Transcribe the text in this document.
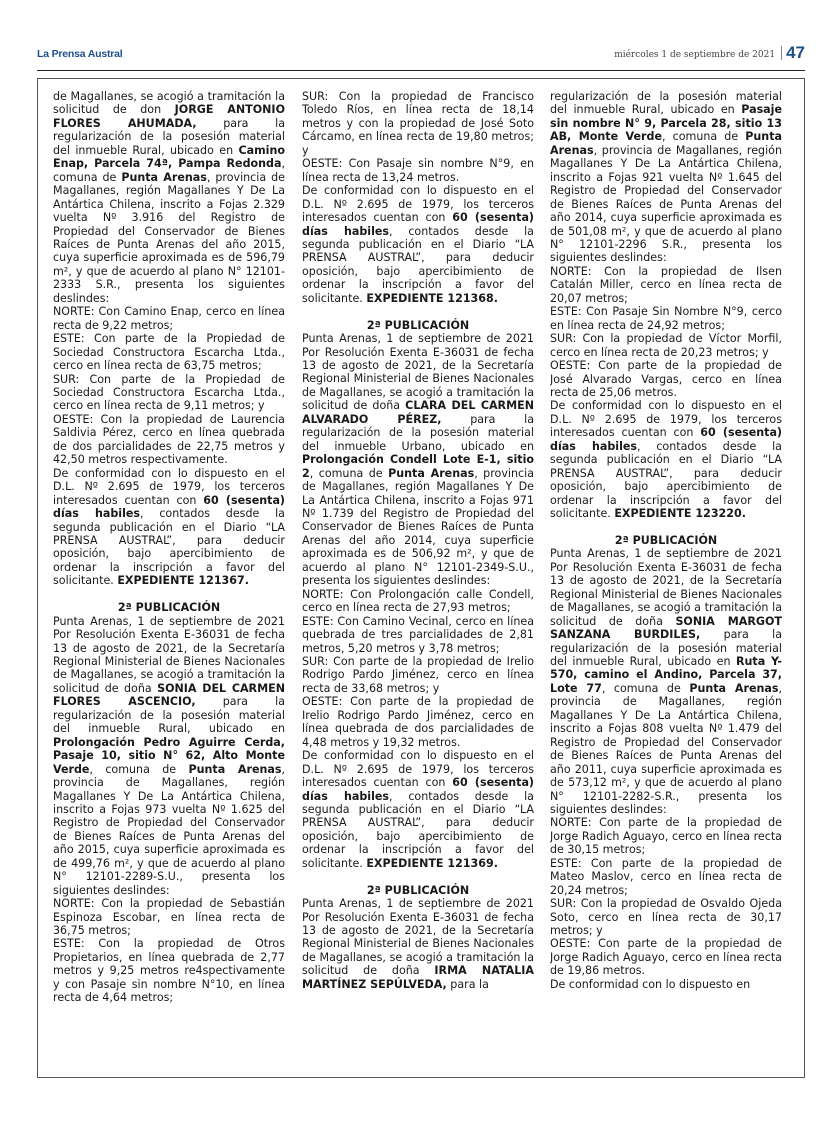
La Prensa Austral	miércoles 1 de septiembre de 2021 47

de Magallanes, se acogió a tramitación la solicitud de don JORGE ANTONIO FLORES AHUMADA, para la regularización de la posesión material del inmueble Rural, ubicado en Camino Enap, Parcela 74ª, Pampa Redonda, comuna de Punta Arenas, provincia de Magallanes, región Magallanes Y De La Antártica Chilena, inscrito a Fojas 2.329 vuelta Nº 3.916 del Registro de Propiedad del Conservador de Bienes Raíces de Punta Arenas del año 2015, cuya superficie aproximada es de 596,79 m², y que de acuerdo al plano N° 12101-2333 S.R., presenta los siguientes deslindes:

NORTE: Con Camino Enap, cerco en línea recta de 9,22 metros;

ESTE: Con parte de la Propiedad de Sociedad Constructora Escarcha Ltda., cerco en línea recta de 63,75 metros;

SUR: Con parte de la Propiedad de Sociedad Constructora Escarcha Ltda., cerco en línea recta de 9,11 metros; y

OESTE: Con la propiedad de Laurencia Saldivia Pérez, cerco en línea quebrada de dos parcialidades de 22,75 metros y 42,50 metros respectivamente.

De conformidad con lo dispuesto en el D.L. Nº 2.695 de 1979, los terceros interesados cuentan con 60 (sesenta) días habiles, contados desde la segunda publicación en el Diario “LA PRENSA AUSTRAL”, para deducir oposición, bajo apercibimiento de ordenar la inscripción a favor del solicitante. EXPEDIENTE 121367.

2ª PUBLICACIÓN

Punta Arenas, 1 de septiembre de 2021 Por Resolución Exenta E-36031 de fecha 13 de agosto de 2021, de la Secretaría Regional Ministerial de Bienes Nacionales de Magallanes, se acogió a tramitación la solicitud de doña SONIA DEL CARMEN FLORES ASCENCIO, para la regularización de la posesión material del inmueble Rural, ubicado en Prolongación Pedro Aguirre Cerda, Pasaje 10, sitio N° 62, Alto Monte Verde, comuna de Punta Arenas, provincia de Magallanes, región Magallanes Y De La Antártica Chilena, inscrito a Fojas 973 vuelta Nº 1.625 del Registro de Propiedad del Conservador de Bienes Raíces de Punta Arenas del año 2015, cuya superficie aproximada es de 499,76 m², y que de acuerdo al plano N° 12101-2289-S.U., presenta los siguientes deslindes:

NORTE: Con la propiedad de Sebastián Espinoza Escobar, en línea recta de 36,75 metros;

ESTE: Con la propiedad de Otros Propietarios, en línea quebrada de 2,77 metros y 9,25 metros re4spectivamente y con Pasaje sin nombre N°10, en línea recta de 4,64 metros;

SUR: Con la propiedad de Francisco Toledo Ríos, en línea recta de 18,14 metros y con la propiedad de José Soto Cárcamo, en línea recta de 19,80 metros; y

OESTE: Con Pasaje sin nombre N°9, en línea recta de 13,24 metros.

De conformidad con lo dispuesto en el D.L. Nº 2.695 de 1979, los terceros interesados cuentan con 60 (sesenta) días habiles, contados desde la segunda publicación en el Diario “LA PRENSA AUSTRAL”, para deducir oposición, bajo apercibimiento de ordenar la inscripción a favor del solicitante. EXPEDIENTE 121368.

2ª PUBLICACIÓN

Punta Arenas, 1 de septiembre de 2021 Por Resolución Exenta E-36031 de fecha 13 de agosto de 2021, de la Secretaría Regional Ministerial de Bienes Nacionales de Magallanes, se acogió a tramitación la solicitud de doña CLARA DEL CARMEN ALVARADO PÉREZ, para la regularización de la posesión material del inmueble Urbano, ubicado en Prolongación Condell Lote E-1, sitio 2, comuna de Punta Arenas, provincia de Magallanes, región Magallanes Y De La Antártica Chilena, inscrito a Fojas 971 Nº 1.739 del Registro de Propiedad del Conservador de Bienes Raíces de Punta Arenas del año 2014, cuya superficie aproximada es de 506,92 m², y que de acuerdo al plano N° 12101-2349-S.U., presenta los siguientes deslindes:

NORTE: Con Prolongación calle Condell, cerco en línea recta de 27,93 metros;

ESTE: Con Camino Vecinal, cerco en línea quebrada de tres parcialidades de 2,81 metros, 5,20 metros y 3,78 metros;

SUR: Con parte de la propiedad de Irelio Rodrigo Pardo Jiménez, cerco en línea recta de 33,68 metros; y

OESTE: Con parte de la propiedad de Irelio Rodrigo Pardo Jiménez, cerco en línea quebrada de dos parcialidades de 4,48 metros y 19,32 metros.

De conformidad con lo dispuesto en el D.L. Nº 2.695 de 1979, los terceros interesados cuentan con 60 (sesenta) días habiles, contados desde la segunda publicación en el Diario “LA PRENSA AUSTRAL”, para deducir oposición, bajo apercibimiento de ordenar la inscripción a favor del solicitante. EXPEDIENTE 121369.

2ª PUBLICACIÓN

Punta Arenas, 1 de septiembre de 2021 Por Resolución Exenta E-36031 de fecha 13 de agosto de 2021, de la Secretaría Regional Ministerial de Bienes Nacionales de Magallanes, se acogió a tramitación la solicitud de doña IRMA NATALIA MARTÍNEZ SEPÚLVEDA, para la

regularización de la posesión material del inmueble Rural, ubicado en Pasaje sin nombre N° 9, Parcela 28, sitio 13 AB, Monte Verde, comuna de Punta Arenas, provincia de Magallanes, región Magallanes Y De La Antártica Chilena, inscrito a Fojas 921 vuelta Nº 1.645 del Registro de Propiedad del Conservador de Bienes Raíces de Punta Arenas del año 2014, cuya superficie aproximada es de 501,08 m², y que de acuerdo al plano N° 12101-2296 S.R., presenta los siguientes deslindes:

NORTE: Con la propiedad de Ilsen Catalán Miller, cerco en línea recta de 20,07 metros;

ESTE: Con Pasaje Sin Nombre N°9, cerco en línea recta de 24,92 metros;

SUR: Con la propiedad de Víctor Morfil, cerco en línea recta de 20,23 metros; y

OESTE: Con parte de la propiedad de José Alvarado Vargas, cerco en línea recta de 25,06 metros.

De conformidad con lo dispuesto en el D.L. Nº 2.695 de 1979, los terceros interesados cuentan con 60 (sesenta) días habiles, contados desde la segunda publicación en el Diario “LA PRENSA AUSTRAL”, para deducir oposición, bajo apercibimiento de ordenar la inscripción a favor del solicitante. EXPEDIENTE 123220.

2ª PUBLICACIÓN

Punta Arenas, 1 de septiembre de 2021 Por Resolución Exenta E-36031 de fecha 13 de agosto de 2021, de la Secretaría Regional Ministerial de Bienes Nacionales de Magallanes, se acogió a tramitación la solicitud de doña SONIA MARGOT SANZANA BURDILES, para la regularización de la posesión material del inmueble Rural, ubicado en Ruta Y-570, camino el Andino, Parcela 37, Lote 77, comuna de Punta Arenas, provincia de Magallanes, región Magallanes Y De La Antártica Chilena, inscrito a Fojas 808 vuelta Nº 1.479 del Registro de Propiedad del Conservador de Bienes Raíces de Punta Arenas del año 2011, cuya superficie aproximada es de 573,12 m², y que de acuerdo al plano N° 12101-2282-S.R., presenta los siguientes deslindes:

NORTE: Con parte de la propiedad de Jorge Radich Aguayo, cerco en línea recta de 30,15 metros;

ESTE: Con parte de la propiedad de Mateo Maslov, cerco en línea recta de 20,24 metros;

SUR: Con la propiedad de Osvaldo Ojeda Soto, cerco en línea recta de 30,17 metros; y

OESTE: Con parte de la propiedad de Jorge Radich Aguayo, cerco en línea recta de 19,86 metros.

De conformidad con lo dispuesto en
